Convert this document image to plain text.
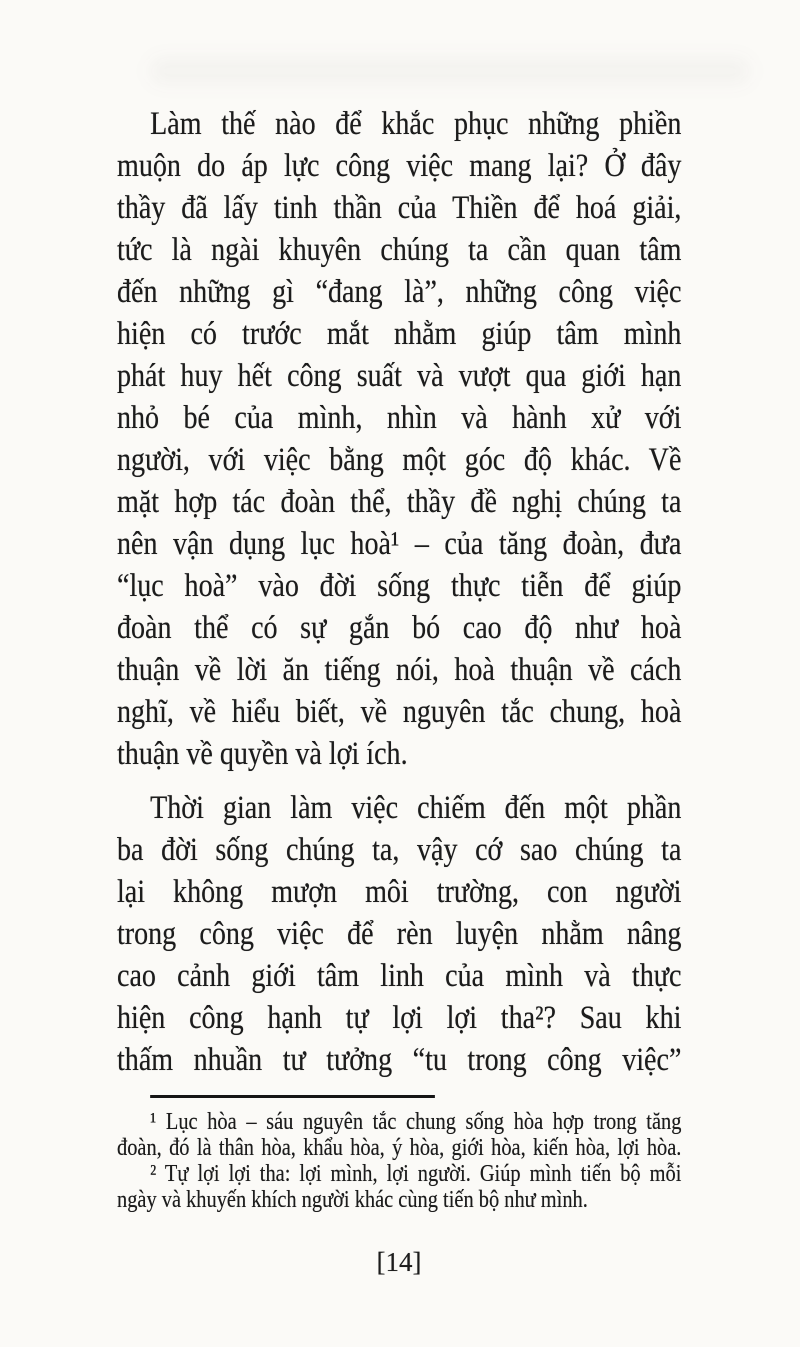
Làm thế nào để khắc phục những phiền
muộn do áp lực công việc mang lại? Ở đây
thầy đã lấy tinh thần của Thiền để hoá giải,
tức là ngài khuyên chúng ta cần quan tâm
đến những gì “đang là”, những công việc
hiện có trước mắt nhằm giúp tâm mình
phát huy hết công suất và vượt qua giới hạn
nhỏ bé của mình, nhìn và hành xử với
người, với việc bằng một góc độ khác. Về
mặt hợp tác đoàn thể, thầy đề nghị chúng ta
nên vận dụng lục hoà¹ – của tăng đoàn, đưa
“lục hoà” vào đời sống thực tiễn để giúp
đoàn thể có sự gắn bó cao độ như hoà
thuận về lời ăn tiếng nói, hoà thuận về cách
nghĩ, về hiểu biết, về nguyên tắc chung, hoà
thuận về quyền và lợi ích.
Thời gian làm việc chiếm đến một phần
ba đời sống chúng ta, vậy cớ sao chúng ta
lại không mượn môi trường, con người
trong công việc để rèn luyện nhằm nâng
cao cảnh giới tâm linh của mình và thực
hiện công hạnh tự lợi lợi tha²? Sau khi
thấm nhuần tư tưởng “tu trong công việc”
¹ Lục hòa – sáu nguyên tắc chung sống hòa hợp trong tăng
đoàn, đó là thân hòa, khẩu hòa, ý hòa, giới hòa, kiến hòa, lợi hòa.
² Tự lợi lợi tha: lợi mình, lợi người. Giúp mình tiến bộ mỗi
ngày và khuyến khích người khác cùng tiến bộ như mình.
[14]
